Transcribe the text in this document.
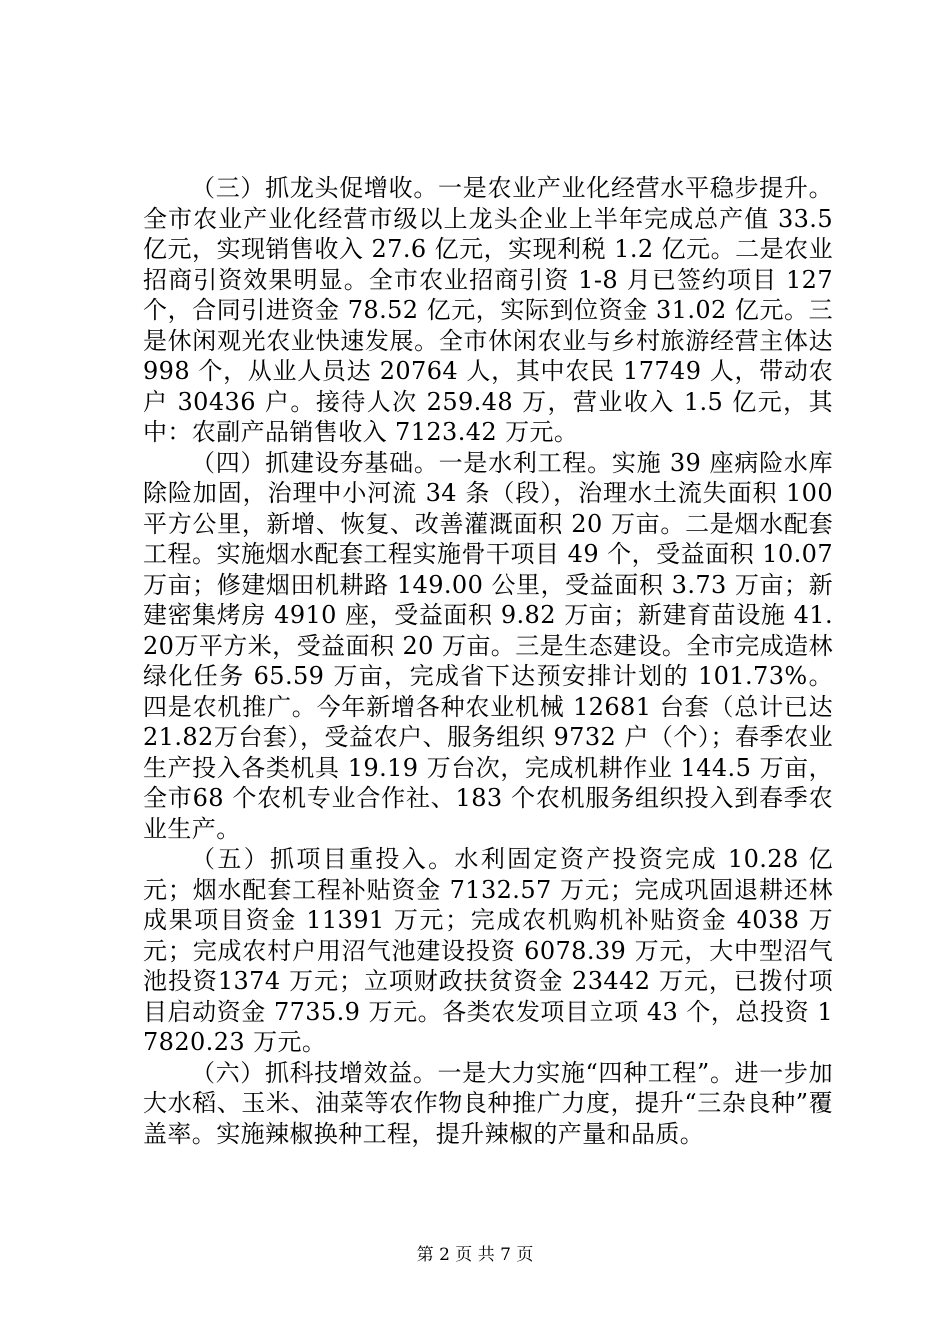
（三）抓龙头促增收。一是农业产业化经营水平稳步提升。全市农业产业化经营市级以上龙头企业上半年完成总产值 33.5亿元，实现销售收入 27.6 亿元，实现利税 1.2 亿元。二是农业招商引资效果明显。全市农业招商引资 1-8 月已签约项目 127个，合同引进资金 78.52 亿元，实际到位资金 31.02 亿元。三是休闲观光农业快速发展。全市休闲农业与乡村旅游经营主体达 998 个，从业人员达 20764 人，其中农民 17749 人，带动农户 30436 户。接待人次 259.48 万，营业收入 1.5 亿元，其中：农副产品销售收入 7123.42 万元。

（四）抓建设夯基础。一是水利工程。实施 39 座病险水库除险加固，治理中小河流 34 条（段），治理水土流失面积 100平方公里，新增、恢复、改善灌溉面积 20 万亩。二是烟水配套工程。实施烟水配套工程实施骨干项目 49 个，受益面积 10.07万亩；修建烟田机耕路 149.00 公里，受益面积 3.73 万亩；新建密集烤房 4910 座，受益面积 9.82 万亩；新建育苗设施 41.20万平方米，受益面积 20 万亩。三是生态建设。全市完成造林绿化任务 65.59 万亩，完成省下达预安排计划的 101.73%。四是农机推广。今年新增各种农业机械 12681 台套（总计已达 21.82万台套），受益农户、服务组织 9732 户（个）；春季农业生产投入各类机具 19.19 万台次，完成机耕作业 144.5 万亩，全市68 个农机专业合作社、183 个农机服务组织投入到春季农业生产。

（五）抓项目重投入。水利固定资产投资完成 10.28 亿元；烟水配套工程补贴资金 7132.57 万元；完成巩固退耕还林成果项目资金 11391 万元；完成农机购机补贴资金 4038 万元；完成农村户用沼气池建设投资 6078.39 万元，大中型沼气池投资1374 万元；立项财政扶贫资金 23442 万元，已拨付项目启动资金 7735.9 万元。各类农发项目立项 43 个，总投资 17820.23 万元。

（六）抓科技增效益。一是大力实施“四种工程”。进一步加大水稻、玉米、油菜等农作物良种推广力度，提升“三杂良种”覆盖率。实施辣椒换种工程，提升辣椒的产量和品质。

第 2 页 共 7 页
